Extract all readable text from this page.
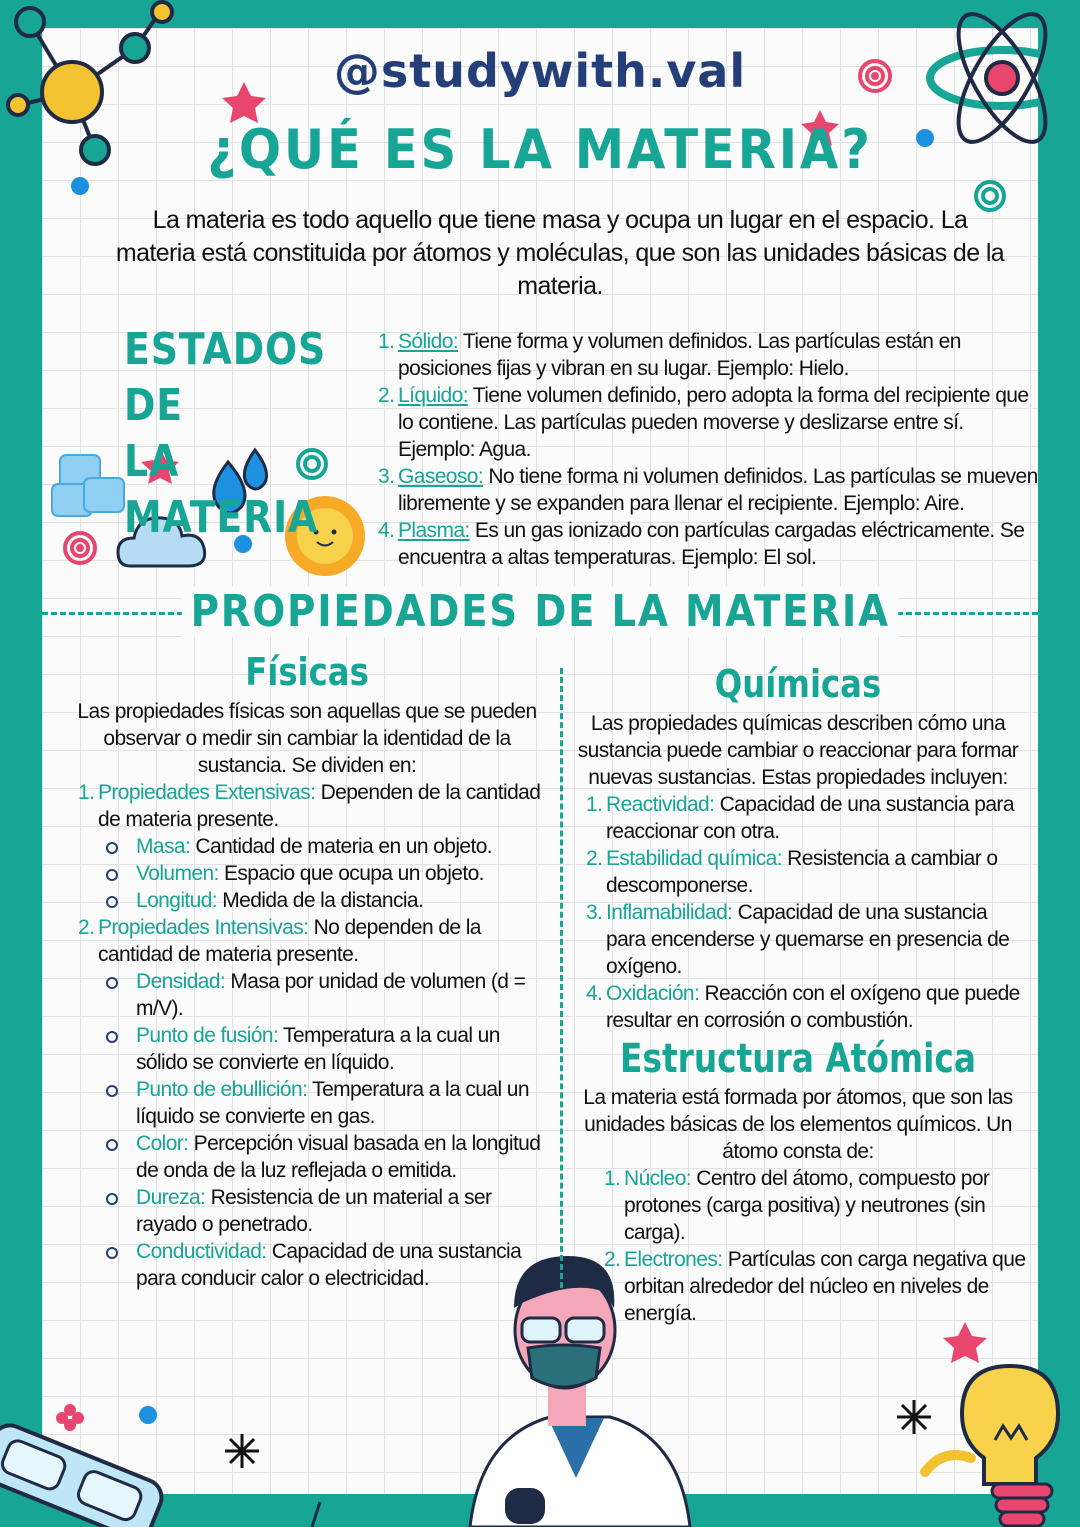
@studywith.val
¿QUÉ ES LA MATERIA?
La materia es todo aquello que tiene masa y ocupa un lugar en el espacio. La materia está constituida por átomos y moléculas, que son las unidades básicas de la materia.
ESTADOS DE
LA MATERIA
1. Sólido: Tiene forma y volumen definidos. Las partículas están en posiciones fijas y vibran en su lugar. Ejemplo: Hielo.
2. Líquido: Tiene volumen definido, pero adopta la forma del recipiente que lo contiene. Las partículas pueden moverse y deslizarse entre sí. Ejemplo: Agua.
3. Gaseoso: No tiene forma ni volumen definidos. Las partículas se mueven libremente y se expanden para llenar el recipiente. Ejemplo: Aire.
4. Plasma: Es un gas ionizado con partículas cargadas eléctricamente. Se encuentra a altas temperaturas. Ejemplo: El sol.
PROPIEDADES DE LA MATERIA
Físicas
Las propiedades físicas son aquellas que se pueden observar o medir sin cambiar la identidad de la sustancia. Se dividen en:
1. Propiedades Extensivas: Dependen de la cantidad de materia presente.
Masa: Cantidad de materia en un objeto.
Volumen: Espacio que ocupa un objeto.
Longitud: Medida de la distancia.
2. Propiedades Intensivas: No dependen de la cantidad de materia presente.
Densidad: Masa por unidad de volumen (d = m/V).
Punto de fusión: Temperatura a la cual un sólido se convierte en líquido.
Punto de ebullición: Temperatura a la cual un líquido se convierte en gas.
Color: Percepción visual basada en la longitud de onda de la luz reflejada o emitida.
Dureza: Resistencia de un material a ser rayado o penetrado.
Conductividad: Capacidad de una sustancia para conducir calor o electricidad.
Químicas
Las propiedades químicas describen cómo una sustancia puede cambiar o reaccionar para formar nuevas sustancias. Estas propiedades incluyen:
1. Reactividad: Capacidad de una sustancia para reaccionar con otra.
2. Estabilidad química: Resistencia a cambiar o descomponerse.
3. Inflamabilidad: Capacidad de una sustancia para encenderse y quemarse en presencia de oxígeno.
4. Oxidación: Reacción con el oxígeno que puede resultar en corrosión o combustión.
Estructura Atómica
La materia está formada por átomos, que son las unidades básicas de los elementos químicos. Un átomo consta de:
1. Núcleo: Centro del átomo, compuesto por protones (carga positiva) y neutrones (sin carga).
2. Electrones: Partículas con carga negativa que orbitan alrededor del núcleo en niveles de energía.
